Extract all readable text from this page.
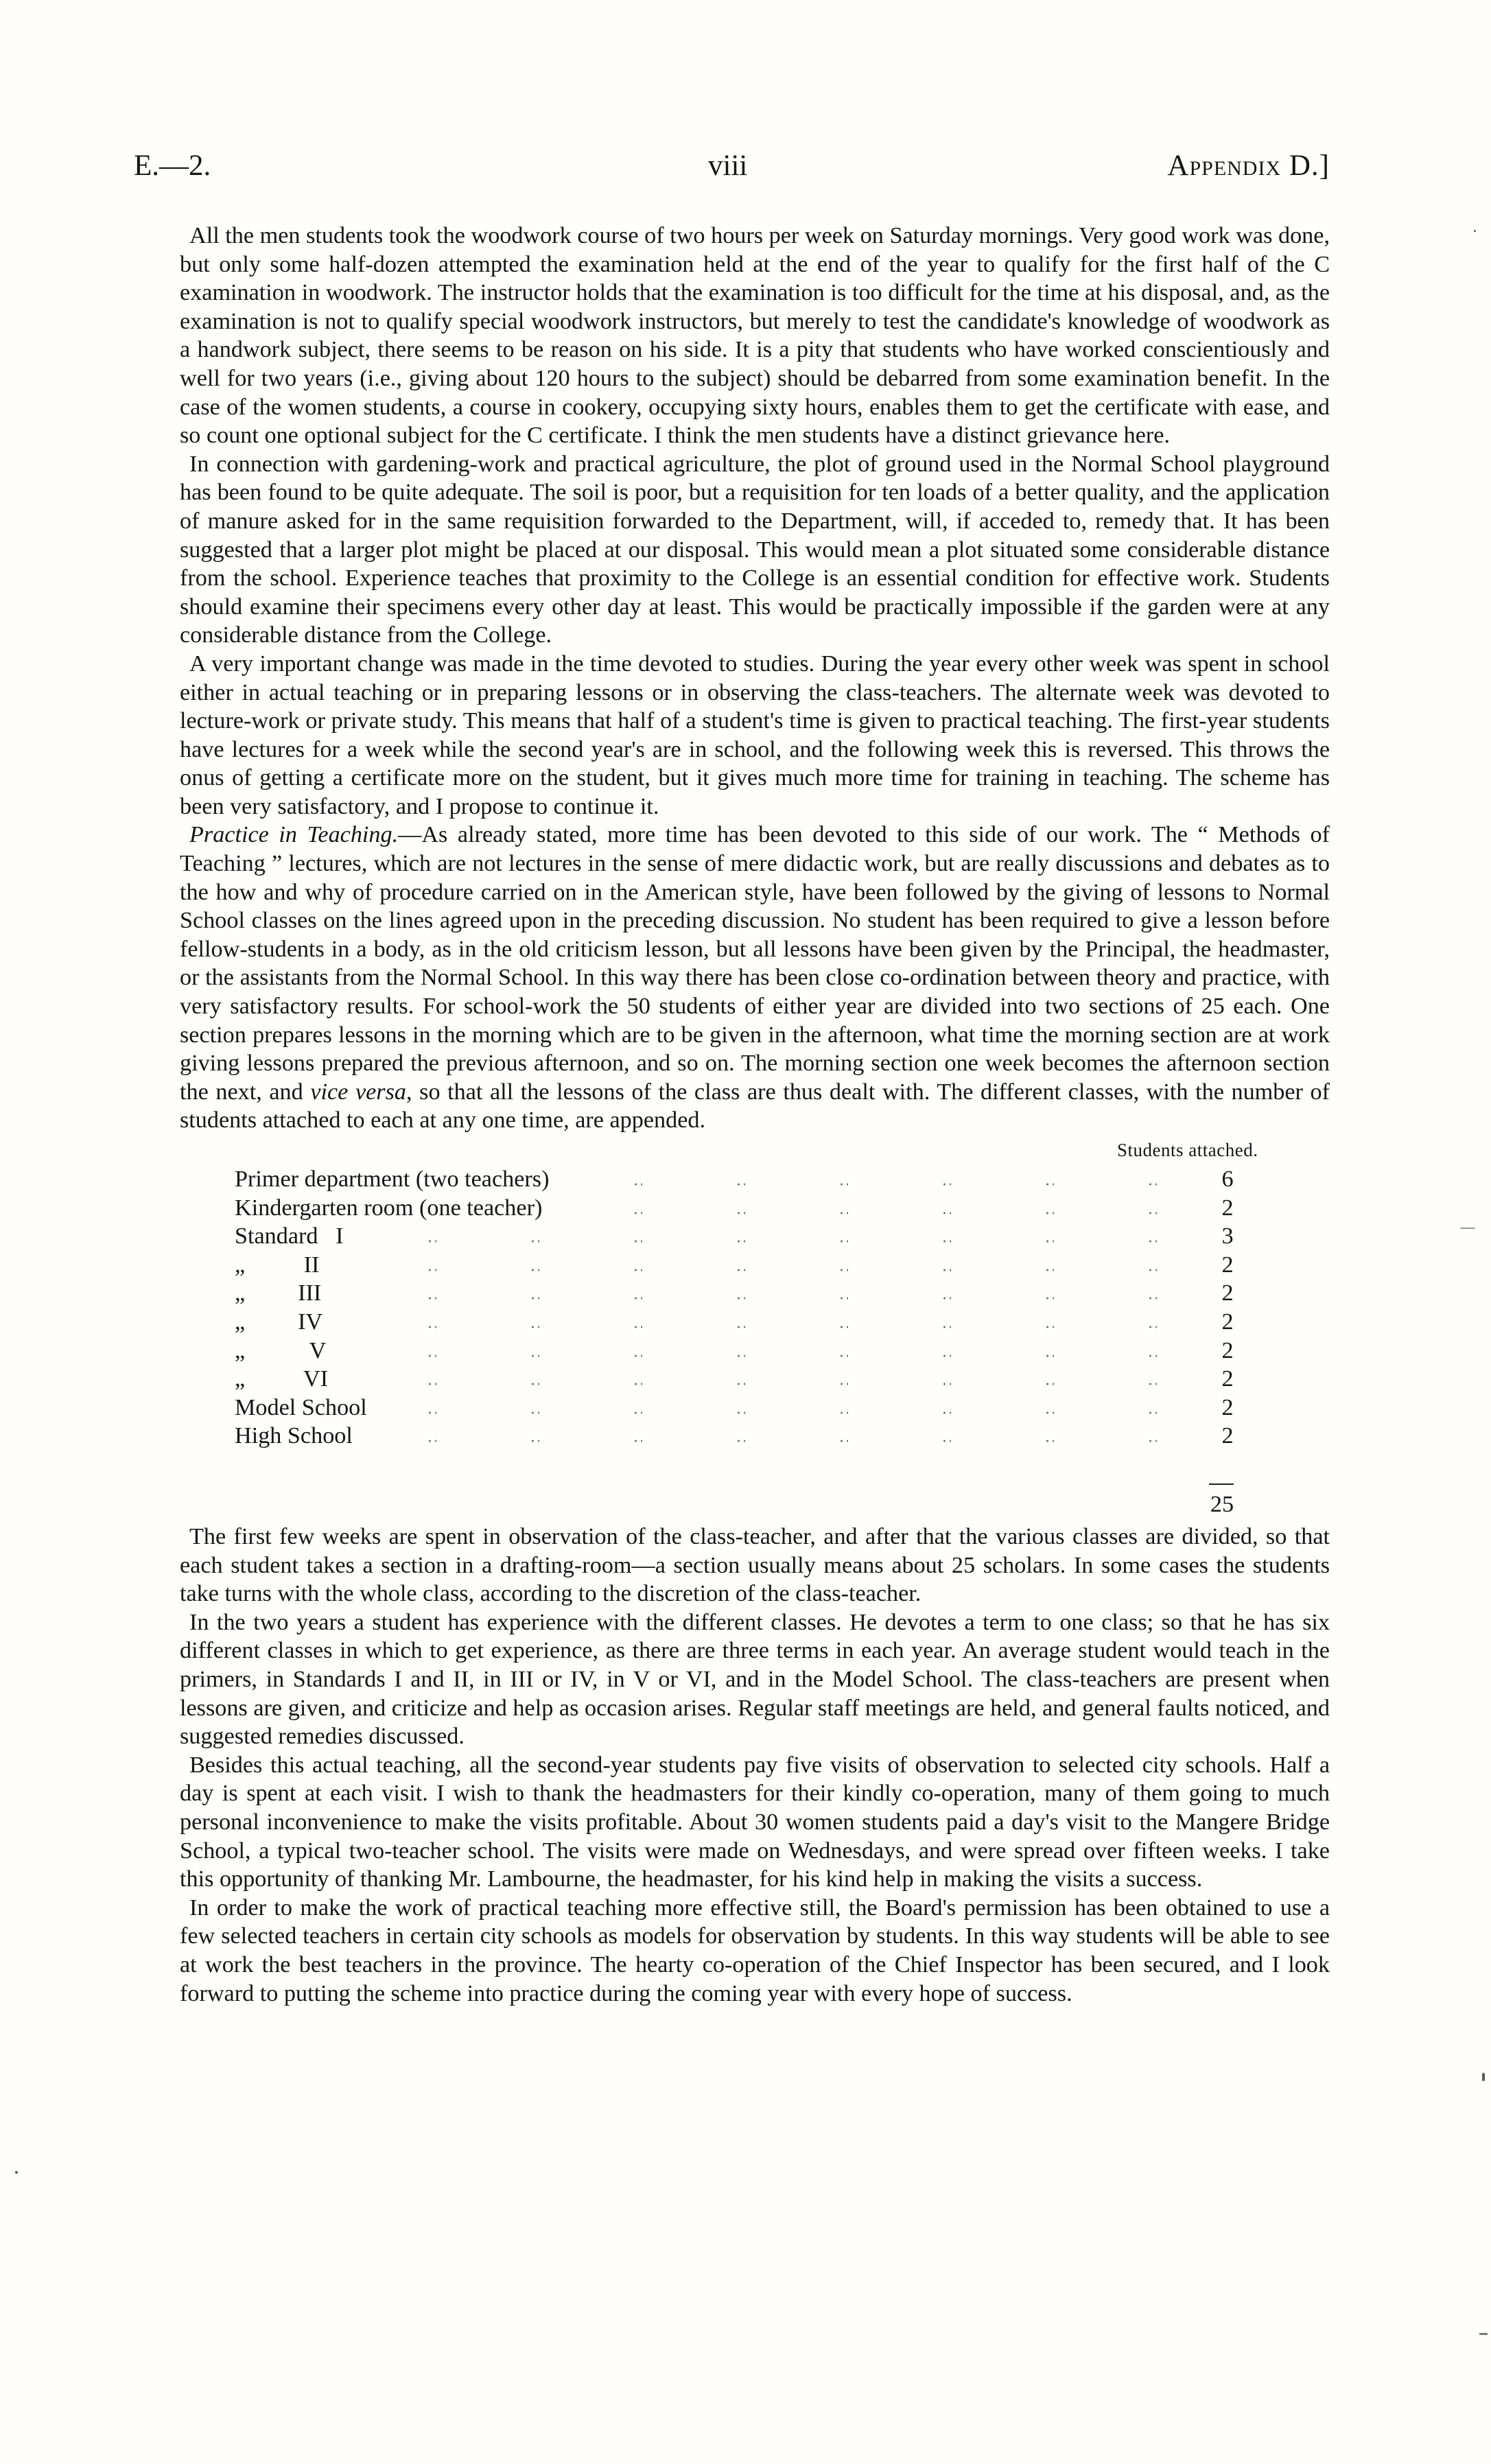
E.—2.	viii	Appendix D.]

All the men students took the woodwork course of two hours per week on Saturday mornings. Very good work was done, but only some half-dozen attempted the examination held at the end of the year to qualify for the first half of the C examination in woodwork. The instructor holds that the examination is too difficult for the time at his disposal, and, as the examination is not to qualify special woodwork instructors, but merely to test the candidate's knowledge of woodwork as a handwork subject, there seems to be reason on his side. It is a pity that students who have worked conscientiously and well for two years (i.e., giving about 120 hours to the subject) should be debarred from some examination benefit. In the case of the women students, a course in cookery, occupying sixty hours, enables them to get the certificate with ease, and so count one optional subject for the C certificate. I think the men students have a distinct grievance here.

In connection with gardening-work and practical agriculture, the plot of ground used in the Normal School playground has been found to be quite adequate. The soil is poor, but a requisition for ten loads of a better quality, and the application of manure asked for in the same requisition forwarded to the Department, will, if acceded to, remedy that. It has been suggested that a larger plot might be placed at our disposal. This would mean a plot situated some considerable distance from the school. Experience teaches that proximity to the College is an essential condition for effective work. Students should examine their specimens every other day at least. This would be practically impossible if the garden were at any considerable distance from the College.

A very important change was made in the time devoted to studies. During the year every other week was spent in school either in actual teaching or in preparing lessons or in observing the class-teachers. The alternate week was devoted to lecture-work or private study. This means that half of a student's time is given to practical teaching. The first-year students have lectures for a week while the second year's are in school, and the following week this is reversed. This throws the onus of getting a certificate more on the student, but it gives much more time for training in teaching. The scheme has been very satisfactory, and I propose to continue it.

Practice in Teaching.—As already stated, more time has been devoted to this side of our work. The “ Methods of Teaching ” lectures, which are not lectures in the sense of mere didactic work, but are really discussions and debates as to the how and why of procedure carried on in the American style, have been followed by the giving of lessons to Normal School classes on the lines agreed upon in the preceding discussion. No student has been required to give a lesson before fellow-students in a body, as in the old criticism lesson, but all lessons have been given by the Principal, the headmaster, or the assistants from the Normal School. In this way there has been close co-ordination between theory and practice, with very satisfactory results. For school-work the 50 students of either year are divided into two sections of 25 each. One section prepares lessons in the morning which are to be given in the afternoon, what time the morning section are at work giving lessons prepared the previous afternoon, and so on. The morning section one week becomes the afternoon section the next, and vice versa, so that all the lessons of the class are thus dealt with. The different classes, with the number of students attached to each at any one time, are appended.

Students attached.
Primer department (two teachers)	6
Kindergarten room (one teacher)	2
Standard   I	3
„          II	2
„         III	2
„         IV	2
„           V	2
„          VI	2
Model School	2
High School	2
25

The first few weeks are spent in observation of the class-teacher, and after that the various classes are divided, so that each student takes a section in a drafting-room—a section usually means about 25 scholars. In some cases the students take turns with the whole class, according to the discretion of the class-teacher.

In the two years a student has experience with the different classes. He devotes a term to one class; so that he has six different classes in which to get experience, as there are three terms in each year. An average student would teach in the primers, in Standards I and II, in III or IV, in V or VI, and in the Model School. The class-teachers are present when lessons are given, and criticize and help as occasion arises. Regular staff meetings are held, and general faults noticed, and suggested remedies discussed.

Besides this actual teaching, all the second-year students pay five visits of observation to selected city schools. Half a day is spent at each visit. I wish to thank the headmasters for their kindly co-operation, many of them going to much personal inconvenience to make the visits profitable. About 30 women students paid a day's visit to the Mangere Bridge School, a typical two-teacher school. The visits were made on Wednesdays, and were spread over fifteen weeks. I take this opportunity of thanking Mr. Lambourne, the headmaster, for his kind help in making the visits a success.

In order to make the work of practical teaching more effective still, the Board's permission has been obtained to use a few selected teachers in certain city schools as models for observation by students. In this way students will be able to see at work the best teachers in the province. The hearty co-operation of the Chief Inspector has been secured, and I look forward to putting the scheme into practice during the coming year with every hope of success.
